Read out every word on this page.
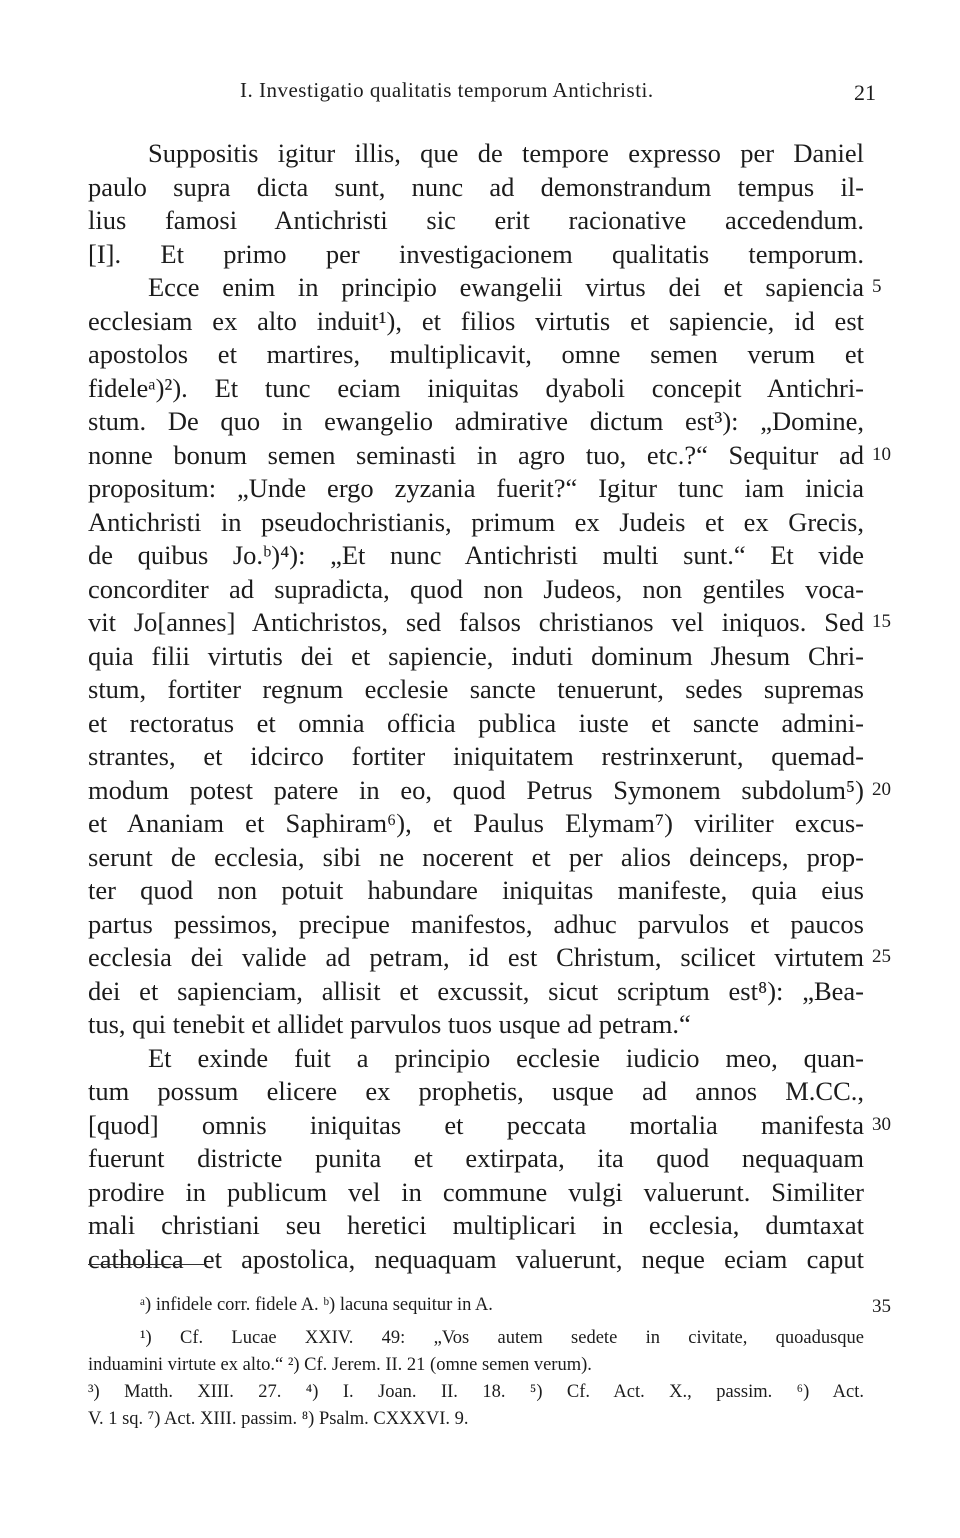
I. Investigatio qualitatis temporum Antichristi.	21
Suppositis igitur illis, que de tempore expresso per Daniel
paulo supra dicta sunt, nunc ad demonstrandum tempus il-
lius famosi Antichristi sic erit racionative accedendum.
[I]. Et primo per investigacionem qualitatis temporum.
Ecce enim in principio ewangelii virtus dei et sapiencia
ecclesiam ex alto induit¹), et filios virtutis et sapiencie, id est
apostolos et martires, multiplicavit, omne semen verum et
fideleᵃ)²). Et tunc eciam iniquitas dyaboli concepit Antichri-
stum. De quo in ewangelio admirative dictum est³): „Domine,
nonne bonum semen seminasti in agro tuo, etc.?“ Sequitur ad
propositum: „Unde ergo zyzania fuerit?“ Igitur tunc iam inicia
Antichristi in pseudochristianis, primum ex Judeis et ex Grecis,
de quibus Jo.ᵇ)⁴): „Et nunc Antichristi multi sunt.“ Et vide
concorditer ad supradicta, quod non Judeos, non gentiles voca-
vit Jo[annes] Antichristos, sed falsos christianos vel iniquos. Sed
quia filii virtutis dei et sapiencie, induti dominum Jhesum Chri-
stum, fortiter regnum ecclesie sancte tenuerunt, sedes supremas
et rectoratus et omnia officia publica iuste et sancte admini-
strantes, et idcirco fortiter iniquitatem restrinxerunt, quemad-
modum potest patere in eo, quod Petrus Symonem subdolum⁵)
et Ananiam et Saphiram⁶), et Paulus Elymam⁷) viriliter excus-
serunt de ecclesia, sibi ne nocerent et per alios deinceps, prop-
ter quod non potuit habundare iniquitas manifeste, quia eius
partus pessimos, precipue manifestos, adhuc parvulos et paucos
ecclesia dei valide ad petram, id est Christum, scilicet virtutem
dei et sapienciam, allisit et excussit, sicut scriptum est⁸): „Bea-
tus, qui tenebit et allidet parvulos tuos usque ad petram.“
Et exinde fuit a principio ecclesie iudicio meo, quan-
tum possum elicere ex prophetis, usque ad annos M.CC.,
[quod] omnis iniquitas et peccata mortalia manifesta
fuerunt districte punita et extirpata, ita quod nequaquam
prodire in publicum vel in commune vulgi valuerunt. Similiter
mali christiani seu heretici multiplicari in ecclesia, dumtaxat
catholica et apostolica, nequaquam valuerunt, neque eciam caput
5
10
15
20
25
30
ᵃ) infidele corr. fidele A. ᵇ) lacuna sequitur in A.
¹) Cf. Lucae XXIV. 49: „Vos autem sedete in civitate, quoadusque
induamini virtute ex alto.“ ²) Cf. Jerem. II. 21 (omne semen verum).
³) Matth. XIII. 27. ⁴) I. Joan. II. 18. ⁵) Cf. Act. X., passim. ⁶) Act.
V. 1 sq. ⁷) Act. XIII. passim. ⁸) Psalm. CXXXVI. 9.
35
